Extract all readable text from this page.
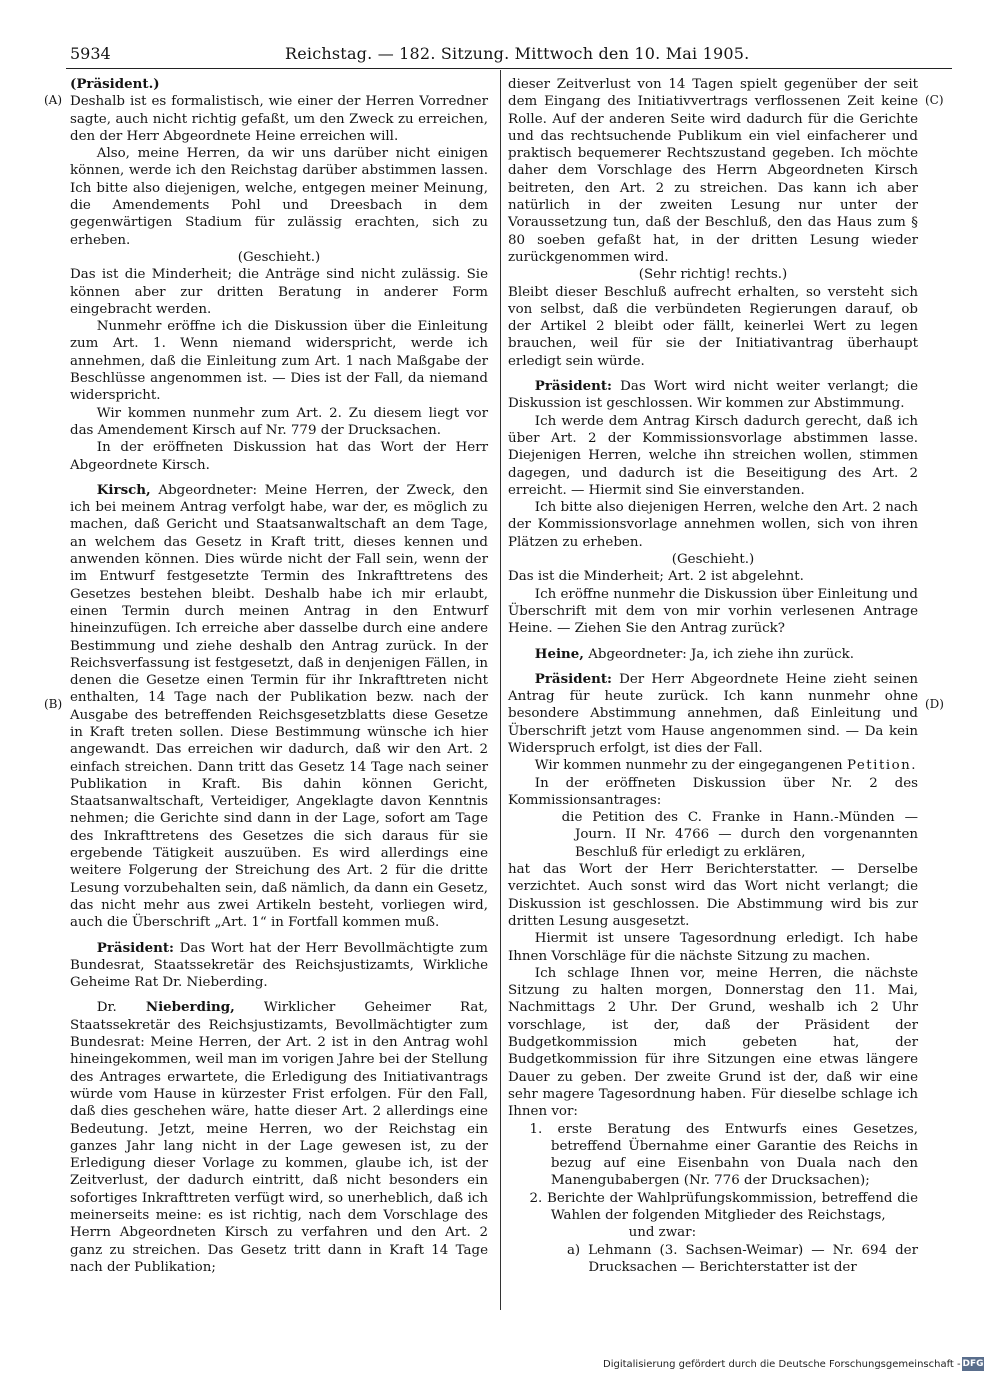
5934	Reichstag. — 182. Sitzung. Mittwoch den 10. Mai 1905.
(A)
(B)
(C)
(D)

(Präsident.)

Deshalb ist es formalistisch, wie einer der Herren Vorredner sagte, auch nicht richtig gefaßt, um den Zweck zu erreichen, den der Herr Abgeordnete Heine erreichen will.

Also, meine Herren, da wir uns darüber nicht einigen können, werde ich den Reichstag darüber abstimmen lassen. Ich bitte also diejenigen, welche, entgegen meiner Meinung, die Amendements Pohl und Dreesbach in dem gegenwärtigen Stadium für zulässig erachten, sich zu erheben.

(Geschieht.)

Das ist die Minderheit; die Anträge sind nicht zulässig. Sie können aber zur dritten Beratung in anderer Form eingebracht werden.

Nunmehr eröffne ich die Diskussion über die Einleitung zum Art. 1. Wenn niemand widerspricht, werde ich annehmen, daß die Einleitung zum Art. 1 nach Maßgabe der Beschlüsse angenommen ist. — Dies ist der Fall, da niemand widerspricht.

Wir kommen nunmehr zum Art. 2. Zu diesem liegt vor das Amendement Kirsch auf Nr. 779 der Drucksachen.

In der eröffneten Diskussion hat das Wort der Herr Abgeordnete Kirsch.

Kirsch, Abgeordneter: Meine Herren, der Zweck, den ich bei meinem Antrag verfolgt habe, war der, es möglich zu machen, daß Gericht und Staatsanwaltschaft an dem Tage, an welchem das Gesetz in Kraft tritt, dieses kennen und anwenden können. Dies würde nicht der Fall sein, wenn der im Entwurf festgesetzte Termin des Inkrafttretens des Gesetzes bestehen bleibt. Deshalb habe ich mir erlaubt, einen Termin durch meinen Antrag in den Entwurf hineinzufügen. Ich erreiche aber dasselbe durch eine andere Bestimmung und ziehe deshalb den Antrag zurück. In der Reichsverfassung ist festgesetzt, daß in denjenigen Fällen, in denen die Gesetze einen Termin für ihr Inkrafttreten nicht enthalten, 14 Tage nach der Publikation bezw. nach der Ausgabe des betreffenden Reichsgesetzblatts diese Gesetze in Kraft treten sollen. Diese Bestimmung wünsche ich hier angewandt. Das erreichen wir dadurch, daß wir den Art. 2 einfach streichen. Dann tritt das Gesetz 14 Tage nach seiner Publikation in Kraft. Bis dahin können Gericht, Staatsanwaltschaft, Verteidiger, Angeklagte davon Kenntnis nehmen; die Gerichte sind dann in der Lage, sofort am Tage des Inkrafttretens des Gesetzes die sich daraus für sie ergebende Tätigkeit auszuüben. Es wird allerdings eine weitere Folgerung der Streichung des Art. 2 für die dritte Lesung vorzubehalten sein, daß nämlich, da dann ein Gesetz, das nicht mehr aus zwei Artikeln besteht, vorliegen wird, auch die Überschrift „Art. 1“ in Fortfall kommen muß.

Präsident: Das Wort hat der Herr Bevollmächtigte zum Bundesrat, Staatssekretär des Reichsjustizamts, Wirkliche Geheime Rat Dr. Nieberding.

Dr. Nieberding, Wirklicher Geheimer Rat, Staatssekretär des Reichsjustizamts, Bevollmächtigter zum Bundesrat: Meine Herren, der Art. 2 ist in den Antrag wohl hineingekommen, weil man im vorigen Jahre bei der Stellung des Antrages erwartete, die Erledigung des Initiativantrags würde vom Hause in kürzester Frist erfolgen. Für den Fall, daß dies geschehen wäre, hatte dieser Art. 2 allerdings eine Bedeutung. Jetzt, meine Herren, wo der Reichstag ein ganzes Jahr lang nicht in der Lage gewesen ist, zu der Erledigung dieser Vorlage zu kommen, glaube ich, ist der Zeitverlust, der dadurch eintritt, daß nicht besonders ein sofortiges Inkrafttreten verfügt wird, so unerheblich, daß ich meinerseits meine: es ist richtig, nach dem Vorschlage des Herrn Abgeordneten Kirsch zu verfahren und den Art. 2 ganz zu streichen. Das Gesetz tritt dann in Kraft 14 Tage nach der Publikation;

dieser Zeitverlust von 14 Tagen spielt gegenüber der seit dem Eingang des Initiativvertrags verflossenen Zeit keine Rolle. Auf der anderen Seite wird dadurch für die Gerichte und das rechtsuchende Publikum ein viel einfacherer und praktisch bequemerer Rechtszustand gegeben. Ich möchte daher dem Vorschlage des Herrn Abgeordneten Kirsch beitreten, den Art. 2 zu streichen. Das kann ich aber natürlich in der zweiten Lesung nur unter der Voraussetzung tun, daß der Beschluß, den das Haus zum § 80 soeben gefaßt hat, in der dritten Lesung wieder zurückgenommen wird.

(Sehr richtig! rechts.)

Bleibt dieser Beschluß aufrecht erhalten, so versteht sich von selbst, daß die verbündeten Regierungen darauf, ob der Artikel 2 bleibt oder fällt, keinerlei Wert zu legen brauchen, weil für sie der Initiativantrag überhaupt erledigt sein würde.

Präsident: Das Wort wird nicht weiter verlangt; die Diskussion ist geschlossen. Wir kommen zur Abstimmung.

Ich werde dem Antrag Kirsch dadurch gerecht, daß ich über Art. 2 der Kommissionsvorlage abstimmen lasse. Diejenigen Herren, welche ihn streichen wollen, stimmen dagegen, und dadurch ist die Beseitigung des Art. 2 erreicht. — Hiermit sind Sie einverstanden.

Ich bitte also diejenigen Herren, welche den Art. 2 nach der Kommissionsvorlage annehmen wollen, sich von ihren Plätzen zu erheben.

(Geschieht.)

Das ist die Minderheit; Art. 2 ist abgelehnt.

Ich eröffne nunmehr die Diskussion über Einleitung und Überschrift mit dem von mir vorhin verlesenen Antrage Heine. — Ziehen Sie den Antrag zurück?

Heine, Abgeordneter: Ja, ich ziehe ihn zurück.

Präsident: Der Herr Abgeordnete Heine zieht seinen Antrag für heute zurück. Ich kann nunmehr ohne besondere Abstimmung annehmen, daß Einleitung und Überschrift jetzt vom Hause angenommen sind. — Da kein Widerspruch erfolgt, ist dies der Fall.

Wir kommen nunmehr zu der eingegangenen Petition.

In der eröffneten Diskussion über Nr. 2 des Kommissionsantrages:

die Petition des C. Franke in Hann.-Münden — Journ. II Nr. 4766 — durch den vorgenannten Beschluß für erledigt zu erklären,

hat das Wort der Herr Berichterstatter. — Derselbe verzichtet. Auch sonst wird das Wort nicht verlangt; die Diskussion ist geschlossen. Die Abstimmung wird bis zur dritten Lesung ausgesetzt.

Hiermit ist unsere Tagesordnung erledigt. Ich habe Ihnen Vorschläge für die nächste Sitzung zu machen.

Ich schlage Ihnen vor, meine Herren, die nächste Sitzung zu halten morgen, Donnerstag den 11. Mai, Nachmittags 2 Uhr. Der Grund, weshalb ich 2 Uhr vorschlage, ist der, daß der Präsident der Budgetkommission mich gebeten hat, der Budgetkommission für ihre Sitzungen eine etwas längere Dauer zu geben. Der zweite Grund ist der, daß wir eine sehr magere Tagesordnung haben. Für dieselbe schlage ich Ihnen vor:

1. erste Beratung des Entwurfs eines Gesetzes, betreffend Übernahme einer Garantie des Reichs in bezug auf eine Eisenbahn von Duala nach den Manengubabergen (Nr. 776 der Drucksachen);

2. Berichte der Wahlprüfungskommission, betreffend die Wahlen der folgenden Mitglieder des Reichstags,

und zwar:

a) Lehmann (3. Sachsen-Weimar) — Nr. 694 der Drucksachen — Berichterstatter ist der

Digitalisierung gefördert durch die Deutsche Forschungsgemeinschaft - DFG
